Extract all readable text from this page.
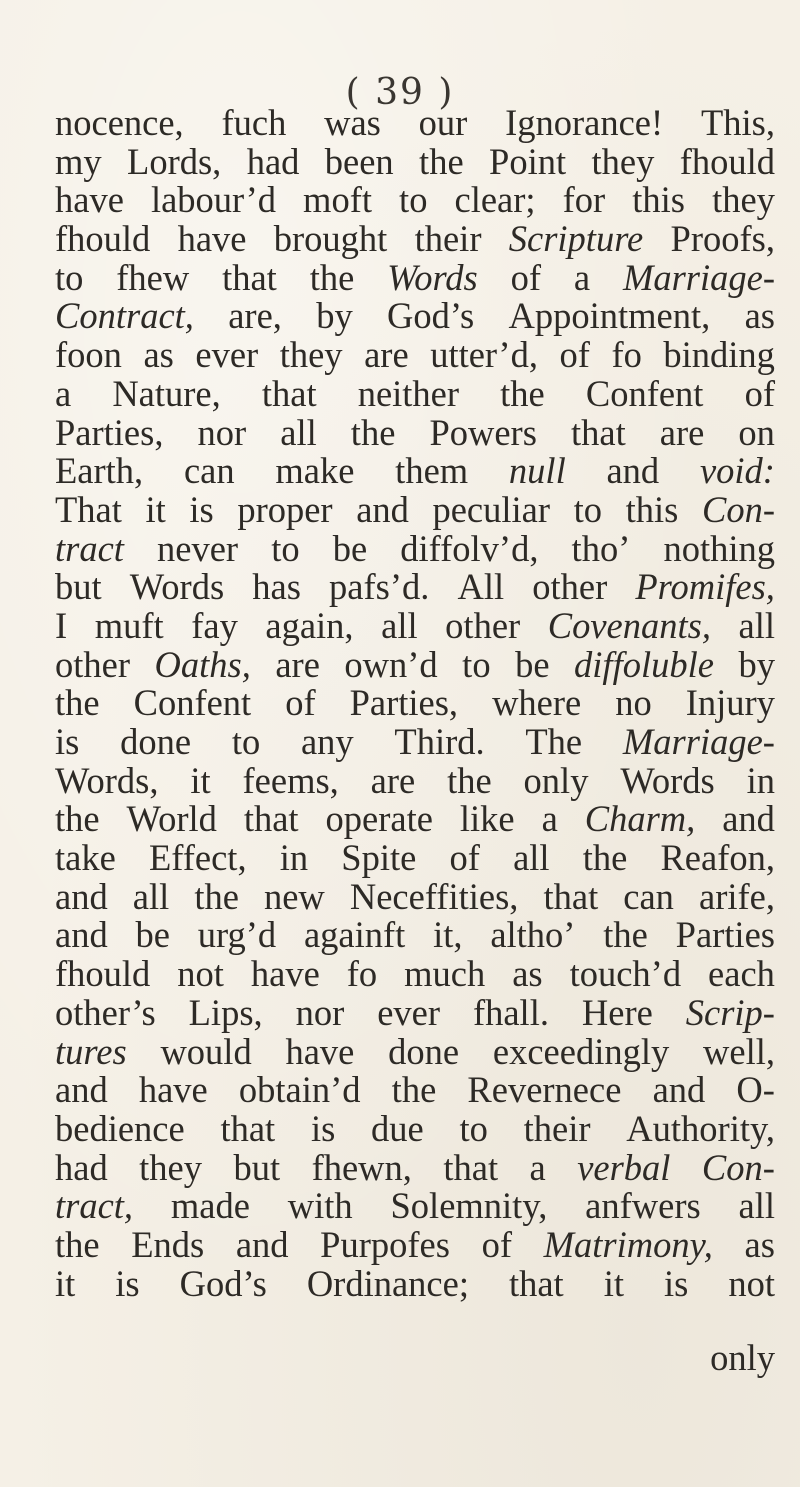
( 39 )
nocence, fuch was our Ignorance! This,
my Lords, had been the Point they fhould
have labour’d moft to clear; for this they
fhould have brought their Scripture Proofs,
to fhew that the Words of a Marriage-
Contract, are, by God’s Appointment, as
foon as ever they are utter’d, of fo binding
a Nature, that neither the Confent of
Parties, nor all the Powers that are on
Earth, can make them null and void:
That it is proper and peculiar to this Con-
tract never to be diffolv’d, tho’ nothing
but Words has pafs’d. All other Promifes,
I muft fay again, all other Covenants, all
other Oaths, are own’d to be diffoluble by
the Confent of Parties, where no Injury
is done to any Third. The Marriage-
Words, it feems, are the only Words in
the World that operate like a Charm, and
take Effect, in Spite of all the Reafon,
and all the new Neceffities, that can arife,
and be urg’d againft it, altho’ the Parties
fhould not have fo much as touch’d each
other’s Lips, nor ever fhall. Here Scrip-
tures would have done exceedingly well,
and have obtain’d the Revernece and O-
bedience that is due to their Authority,
had they but fhewn, that a verbal Con-
tract, made with Solemnity, anfwers all
the Ends and Purpofes of Matrimony, as
it is God’s Ordinance; that it is not
only
